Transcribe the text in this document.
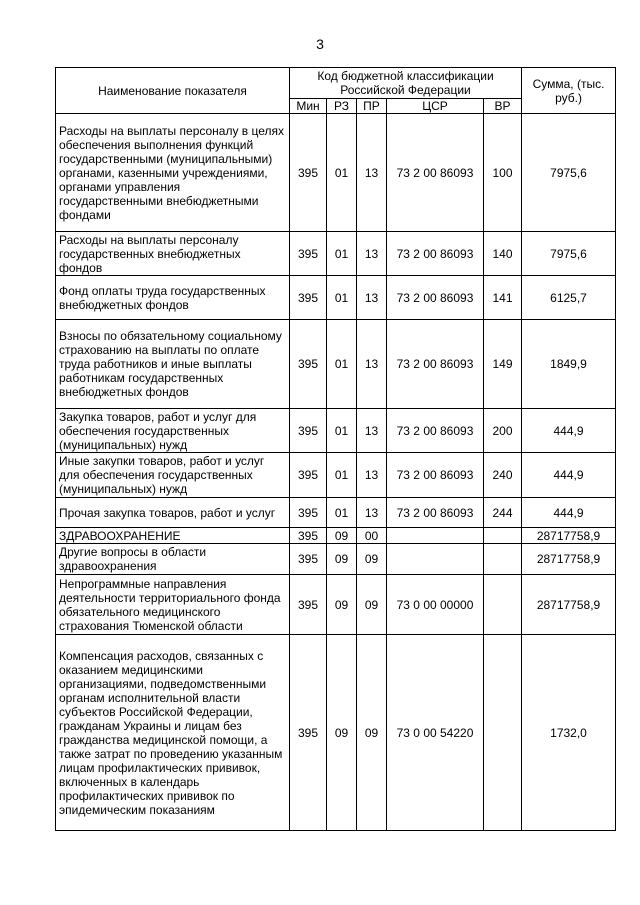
3
Наименование показателя	Код бюджетной классификации Российской Федерации					Сумма, (тыс. руб.)
	Мин	РЗ	ПР	ЦСР	ВР	
Расходы на выплаты персоналу в целях обеспечения выполнения функций государственными (муниципальными) органами, казенными учреждениями, органами управления государственными внебюджетными фондами	395	01	13	73 2 00 86093	100	7975,6
Расходы на выплаты персоналу государственных внебюджетных фондов	395	01	13	73 2 00 86093	140	7975,6
Фонд оплаты труда государственных внебюджетных фондов	395	01	13	73 2 00 86093	141	6125,7
Взносы по обязательному социальному страхованию на выплаты по оплате труда работников и иные выплаты работникам государственных внебюджетных фондов	395	01	13	73 2 00 86093	149	1849,9
Закупка товаров, работ и услуг для обеспечения государственных (муниципальных) нужд	395	01	13	73 2 00 86093	200	444,9
Иные закупки товаров, работ и услуг для обеспечения государственных (муниципальных) нужд	395	01	13	73 2 00 86093	240	444,9
Прочая закупка товаров, работ и услуг	395	01	13	73 2 00 86093	244	444,9
ЗДРАВООХРАНЕНИЕ	395	09	00			28717758,9
Другие вопросы в области здравоохранения	395	09	09			28717758,9
Непрограммные направления деятельности территориального фонда обязательного медицинского страхования Тюменской области	395	09	09	73 0 00 00000		28717758,9
Компенсация расходов, связанных с оказанием медицинскими организациями, подведомственными органам исполнительной власти субъектов Российской Федерации, гражданам Украины и лицам без гражданства медицинской помощи, а также затрат по проведению указанным лицам профилактических прививок, включенных в календарь профилактических прививок по эпидемическим показаниям	395	09	09	73 0 00 54220		1732,0
